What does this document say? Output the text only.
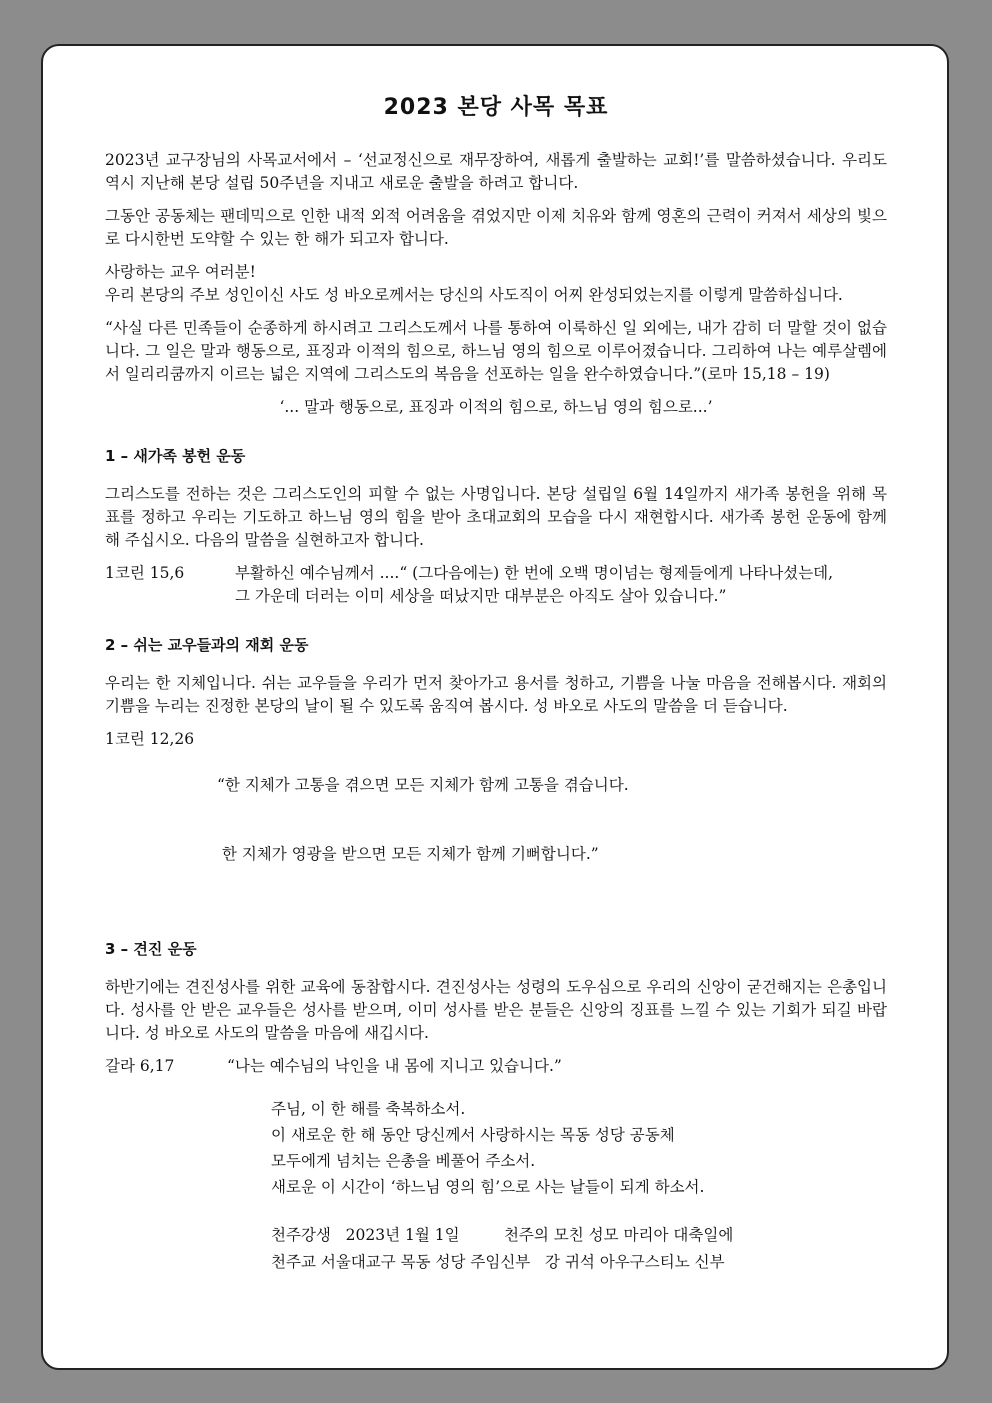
2023 본당 사목 목표

2023년 교구장님의 사목교서에서 – ‘선교정신으로 재무장하여, 새롭게 출발하는 교회!’를 말씀하셨습니다. 우리도 역시 지난해 본당 설립 50주년을 지내고 새로운 출발을 하려고 합니다.

그동안 공동체는 팬데믹으로 인한 내적 외적 어려움을 겪었지만 이제 치유와 함께 영혼의 근력이 커져서 세상의 빛으로 다시한번 도약할 수 있는 한 해가 되고자 합니다.

사랑하는 교우 여러분!

우리 본당의 주보 성인이신 사도 성 바오로께서는 당신의 사도직이 어찌 완성되었는지를 이렇게 말씀하십니다.

“사실 다른 민족들이 순종하게 하시려고 그리스도께서 나를 통하여 이룩하신 일 외에는, 내가 감히 더 말할 것이 없습니다. 그 일은 말과 행동으로, 표징과 이적의 힘으로, 하느님 영의 힘으로 이루어졌습니다. 그리하여 나는 예루살렘에서 일리리쿰까지 이르는 넓은 지역에 그리스도의 복음을 선포하는 일을 완수하였습니다.”(로마 15,18 – 19)

‘... 말과 행동으로, 표징과 이적의 힘으로, 하느님 영의 힘으로...’
1 – 새가족 봉헌 운동

그리스도를 전하는 것은 그리스도인의 피할 수 없는 사명입니다. 본당 설립일 6월 14일까지 새가족 봉헌을 위해 목표를 정하고 우리는 기도하고 하느님 영의 힘을 받아 초대교회의 모습을 다시 재현합시다. 새가족 봉헌 운동에 함께해 주십시오. 다음의 말씀을 실현하고자 합니다.

1코린 15,6	부활하신 예수님께서 ....“ (그다음에는) 한 번에 오백 명이넘는 형제들에게 나타나셨는데,
그 가운데 더러는 이미 세상을 떠났지만 대부분은 아직도 살아 있습니다.”
2 – 쉬는 교우들과의 재회 운동

우리는 한 지체입니다. 쉬는 교우들을 우리가 먼저 찾아가고 용서를 청하고, 기쁨을 나눌 마음을 전해봅시다. 재회의 기쁨을 누리는 진정한 본당의 날이 될 수 있도록 움직여 봅시다. 성 바오로 사도의 말씀을 더 듣습니다.

1코린 12,26

“한 지체가 고통을 겪으면 모든 지체가 함께 고통을 겪습니다.

한 지체가 영광을 받으면 모든 지체가 함께 기뻐합니다.”

3 – 견진 운동

하반기에는 견진성사를 위한 교육에 동참합시다. 견진성사는 성령의 도우심으로 우리의 신앙이 굳건해지는 은총입니다. 성사를 안 받은 교우들은 성사를 받으며, 이미 성사를 받은 분들은 신앙의 징표를 느낄 수 있는 기회가 되길 바랍니다. 성 바오로 사도의 말씀을 마음에 새깁시다.

갈라 6,17	“나는 예수님의 낙인을 내 몸에 지니고 있습니다.”
주님, 이 한 해를 축복하소서.
이 새로운 한 해 동안 당신께서 사랑하시는 목동 성당 공동체
모두에게 넘치는 은총을 베풀어 주소서.
새로운 이 시간이 ‘하느님 영의 힘’으로 사는 날들이 되게 하소서.
천주강생   2023년 1월 1일         천주의 모친 성모 마리아 대축일에
천주교 서울대교구 목동 성당 주임신부   강 귀석 아우구스티노 신부
